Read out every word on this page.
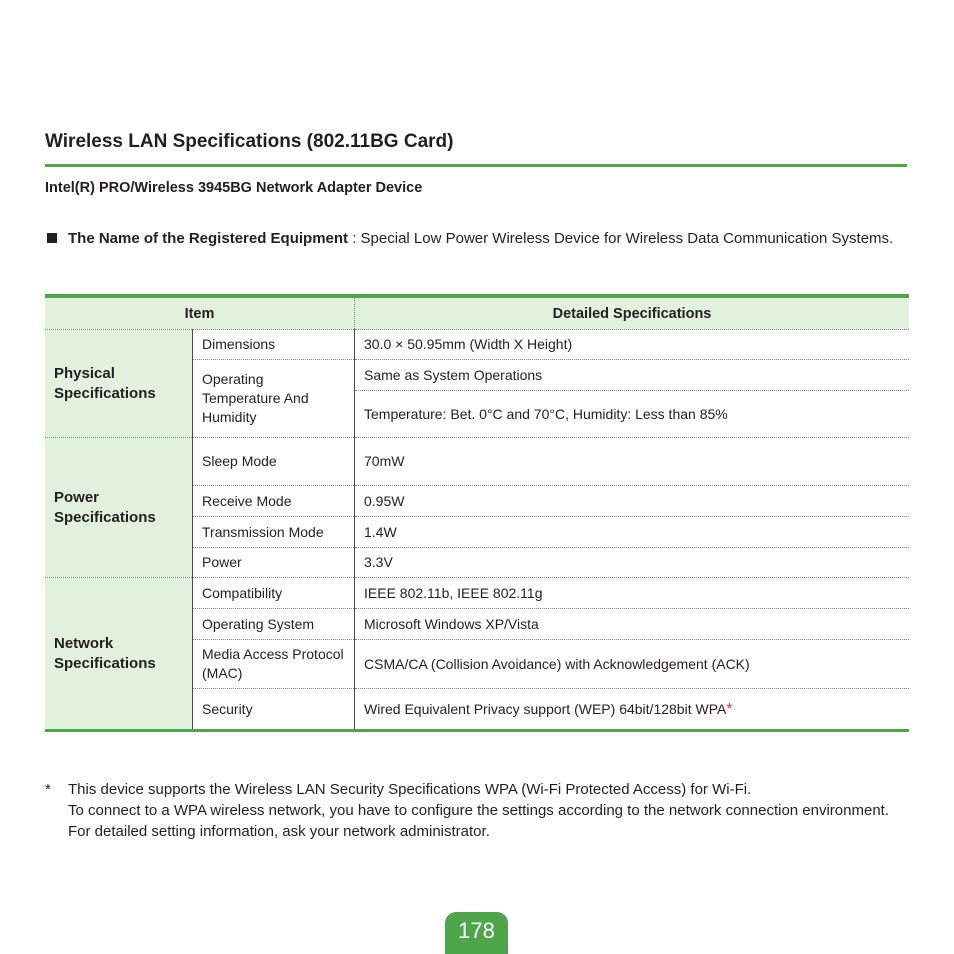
Wireless LAN Specifications (802.11BG Card)
Intel(R) PRO/Wireless 3945BG Network Adapter Device
The Name of the Registered Equipment : Special Low Power Wireless Device for Wireless Data Communication Systems.
Item		Detailed Specifications
Physical
Specifications	Dimensions	30.0 × 50.95mm (Width X Height)
	Operating
Temperature And
Humidity	Same as System Operations
		Temperature: Bet. 0°C and 70°C, Humidity: Less than 85%
Power
Specifications	Sleep Mode	70mW
	Receive Mode	0.95W
	Transmission Mode	1.4W
	Power	3.3V
Network
Specifications	Compatibility	IEEE 802.11b, IEEE 802.11g
	Operating System	Microsoft Windows XP/Vista
	Media Access Protocol
(MAC)	CSMA/CA (Collision Avoidance) with Acknowledgement (ACK)
	Security	Wired Equivalent Privacy support (WEP) 64bit/128bit WPA*
* This device supports the Wireless LAN Security Specifications WPA (Wi-Fi Protected Access) for Wi-Fi.
To connect to a WPA wireless network, you have to configure the settings according to the network connection environment. For detailed setting information, ask your network administrator.
178
